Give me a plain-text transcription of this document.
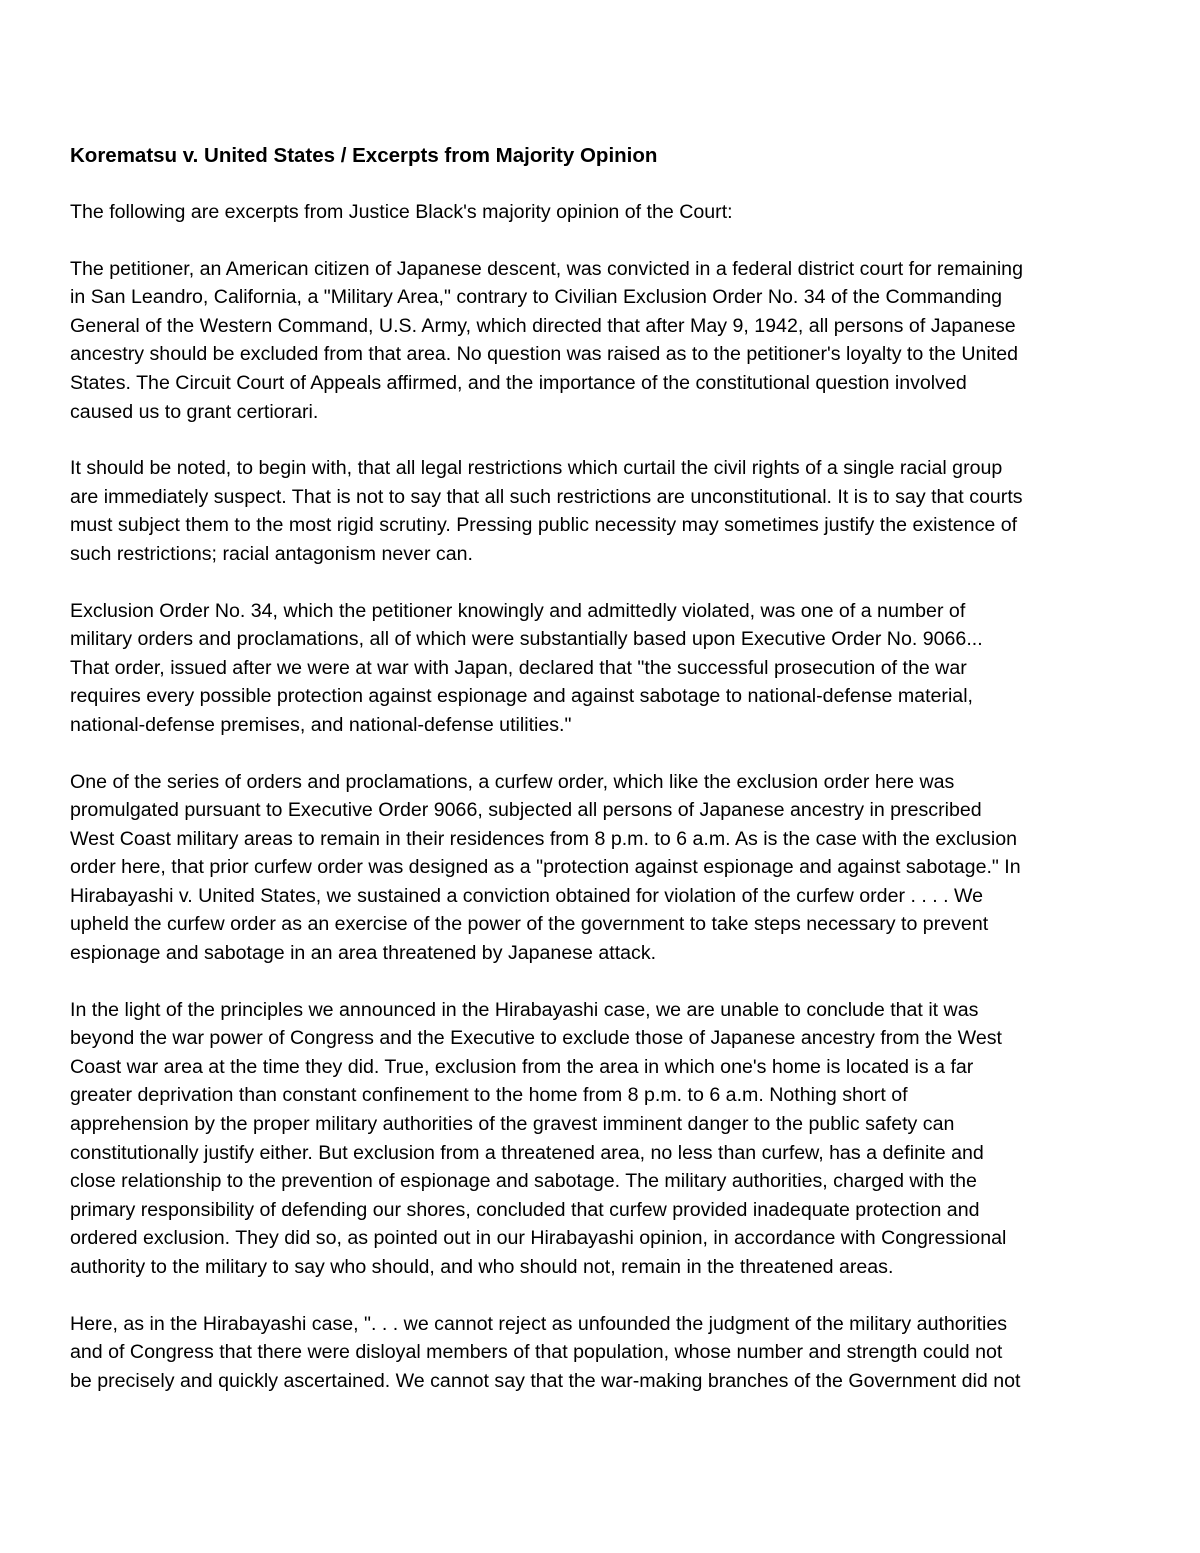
Korematsu v. United States / Excerpts from Majority Opinion

The following are excerpts from Justice Black's majority opinion of the Court:

The petitioner, an American citizen of Japanese descent, was convicted in a federal district court for remaining
in San Leandro, California, a "Military Area," contrary to Civilian Exclusion Order No. 34 of the Commanding
General of the Western Command, U.S. Army, which directed that after May 9, 1942, all persons of Japanese
ancestry should be excluded from that area. No question was raised as to the petitioner's loyalty to the United
States. The Circuit Court of Appeals affirmed, and the importance of the constitutional question involved
caused us to grant certiorari.

It should be noted, to begin with, that all legal restrictions which curtail the civil rights of a single racial group
are immediately suspect. That is not to say that all such restrictions are unconstitutional. It is to say that courts
must subject them to the most rigid scrutiny. Pressing public necessity may sometimes justify the existence of
such restrictions; racial antagonism never can.

Exclusion Order No. 34, which the petitioner knowingly and admittedly violated, was one of a number of
military orders and proclamations, all of which were substantially based upon Executive Order No. 9066...
That order, issued after we were at war with Japan, declared that "the successful prosecution of the war
requires every possible protection against espionage and against sabotage to national-defense material,
national-defense premises, and national-defense utilities."

One of the series of orders and proclamations, a curfew order, which like the exclusion order here was
promulgated pursuant to Executive Order 9066, subjected all persons of Japanese ancestry in prescribed
West Coast military areas to remain in their residences from 8 p.m. to 6 a.m. As is the case with the exclusion
order here, that prior curfew order was designed as a "protection against espionage and against sabotage." In
Hirabayashi v. United States, we sustained a conviction obtained for violation of the curfew order . . . . We
upheld the curfew order as an exercise of the power of the government to take steps necessary to prevent
espionage and sabotage in an area threatened by Japanese attack.

In the light of the principles we announced in the Hirabayashi case, we are unable to conclude that it was
beyond the war power of Congress and the Executive to exclude those of Japanese ancestry from the West
Coast war area at the time they did. True, exclusion from the area in which one's home is located is a far
greater deprivation than constant confinement to the home from 8 p.m. to 6 a.m. Nothing short of
apprehension by the proper military authorities of the gravest imminent danger to the public safety can
constitutionally justify either. But exclusion from a threatened area, no less than curfew, has a definite and
close relationship to the prevention of espionage and sabotage. The military authorities, charged with the
primary responsibility of defending our shores, concluded that curfew provided inadequate protection and
ordered exclusion. They did so, as pointed out in our Hirabayashi opinion, in accordance with Congressional
authority to the military to say who should, and who should not, remain in the threatened areas.

Here, as in the Hirabayashi case, ". . . we cannot reject as unfounded the judgment of the military authorities
and of Congress that there were disloyal members of that population, whose number and strength could not
be precisely and quickly ascertained. We cannot say that the war-making branches of the Government did not
